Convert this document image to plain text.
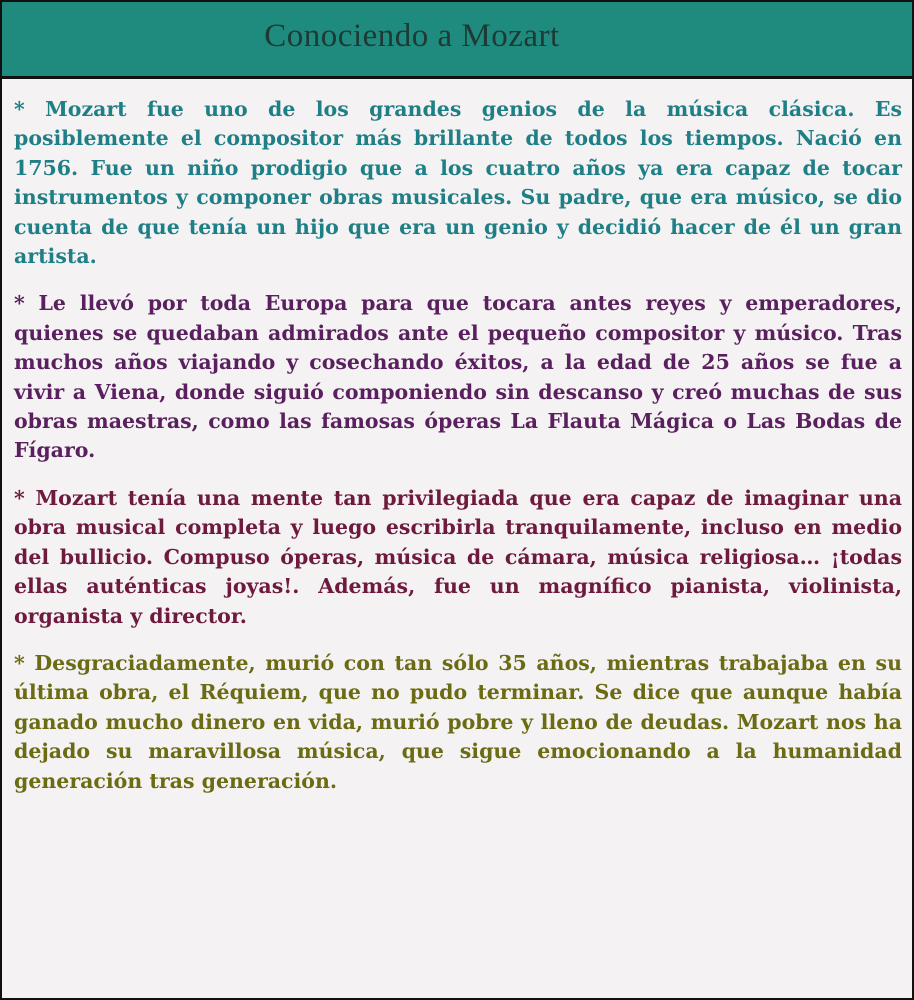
Conociendo a Mozart

* Mozart fue uno de los grandes genios de la música clásica. Es posiblemente el compositor más brillante de todos los tiempos. Nació en 1756. Fue un niño prodigio que a los cuatro años ya era capaz de tocar instrumentos y componer obras musicales. Su padre, que era músico, se dio cuenta de que tenía un hijo que era un genio y decidió hacer de él un gran artista.

* Le llevó por toda Europa para que tocara antes reyes y emperadores, quienes se quedaban admirados ante el pequeño compositor y músico. Tras muchos años viajando y cosechando éxitos, a la edad de 25 años se fue a vivir a Viena, donde siguió componiendo sin descanso y creó muchas de sus obras maestras, como las famosas óperas La Flauta Mágica o Las Bodas de Fígaro.

* Mozart tenía una mente tan privilegiada que era capaz de imaginar una obra musical completa y luego escribirla tranquilamente, incluso en medio del bullicio. Compuso óperas, música de cámara, música religiosa… ¡todas ellas auténticas joyas!. Además, fue un magnífico pianista, violinista, organista y director.

* Desgraciadamente, murió con tan sólo 35 años, mientras trabajaba en su última obra, el Réquiem, que no pudo terminar. Se dice que aunque había ganado mucho dinero en vida, murió pobre y lleno de deudas. Mozart nos ha dejado su maravillosa música, que sigue emocionando a la humanidad generación tras generación.
